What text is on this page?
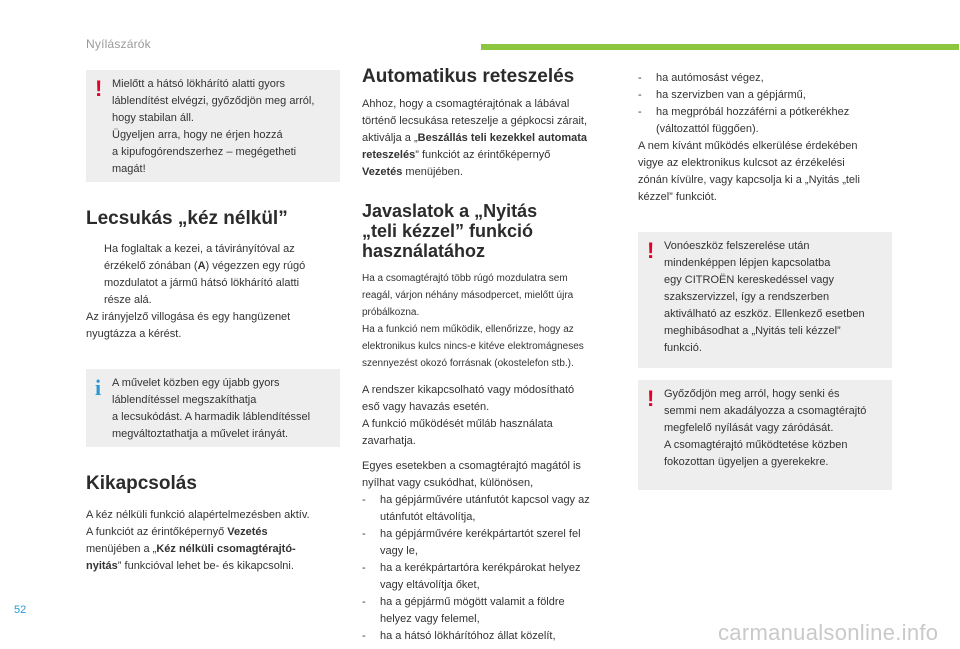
Nyílászárók
! Mielőtt a hátsó lökhárító alatti gyors
láblendítést elvégzi, győződjön meg arról,
hogy stabilan áll.
Ügyeljen arra, hogy ne érjen hozzá
a kipufogórendszerhez – megégetheti
magát!
Lecsukás „kéz nélkül”
Ha foglaltak a kezei, a távirányítóval az
érzékelő zónában (A) végezzen egy rúgó
mozdulatot a jármű hátsó lökhárító alatti
része alá.
Az irányjelző villogása és egy hangüzenet
nyugtázza a kérést.
i A művelet közben egy újabb gyors
láblendítéssel megszakíthatja
a lecsukódást. A harmadik láblendítéssel
megváltoztathatja a művelet irányát.
Kikapcsolás
A kéz nélküli funkció alapértelmezésben aktív.
A funkciót az érintőképernyő Vezetés
menüjében a „Kéz nélküli csomagtérajtó-
nyitás” funkcióval lehet be- és kikapcsolni.
Automatikus reteszelés
Ahhoz, hogy a csomagtérajtónak a lábával
történő lecsukása reteszelje a gépkocsi zárait,
aktiválja a „Beszállás teli kezekkel automata
reteszelés” funkciót az érintőképernyő
Vezetés menüjében.
Javaslatok a „Nyitás
„teli kézzel” funkció
használatához
Ha a csomagtérajtó több rúgó mozdulatra sem
reagál, várjon néhány másodpercet, mielőtt újra
próbálkozna.
Ha a funkció nem működik, ellenőrizze, hogy az
elektronikus kulcs nincs-e kitéve elektromágneses
szennyezést okozó forrásnak (okostelefon stb.).
A rendszer kikapcsolható vagy módosítható
eső vagy havazás esetén.
A funkció működését műláb használata
zavarhatja.
Egyes esetekben a csomagtérajtó magától is
nyílhat vagy csukódhat, különösen,
- ha gépjárművére utánfutót kapcsol vagy az
utánfutót eltávolítja,
- ha gépjárművére kerékpártartót szerel fel
vagy le,
- ha a kerékpártartóra kerékpárokat helyez
vagy eltávolítja őket,
- ha a gépjármű mögött valamit a földre
helyez vagy felemel,
- ha a hátsó lökhárítóhoz állat közelít,
- ha autómosást végez,
- ha szervizben van a gépjármű,
- ha megpróbál hozzáférni a pótkerékhez
(változattól függően).
A nem kívánt működés elkerülése érdekében
vigye az elektronikus kulcsot az érzékelési
zónán kívülre, vagy kapcsolja ki a „Nyitás „teli
kézzel” funkciót.
! Vonóeszköz felszerelése után
mindenképpen lépjen kapcsolatba
egy CITROËN kereskedéssel vagy
szakszervizzel, így a rendszerben
aktiválható az eszköz. Ellenkező esetben
meghibásodhat a „Nyitás teli kézzel”
funkció.
! Győződjön meg arról, hogy senki és
semmi nem akadályozza a csomagtérajtó
megfelelő nyílását vagy záródását.
A csomagtérajtó működtetése közben
fokozottan ügyeljen a gyerekekre.
52
carmanualsonline.info
